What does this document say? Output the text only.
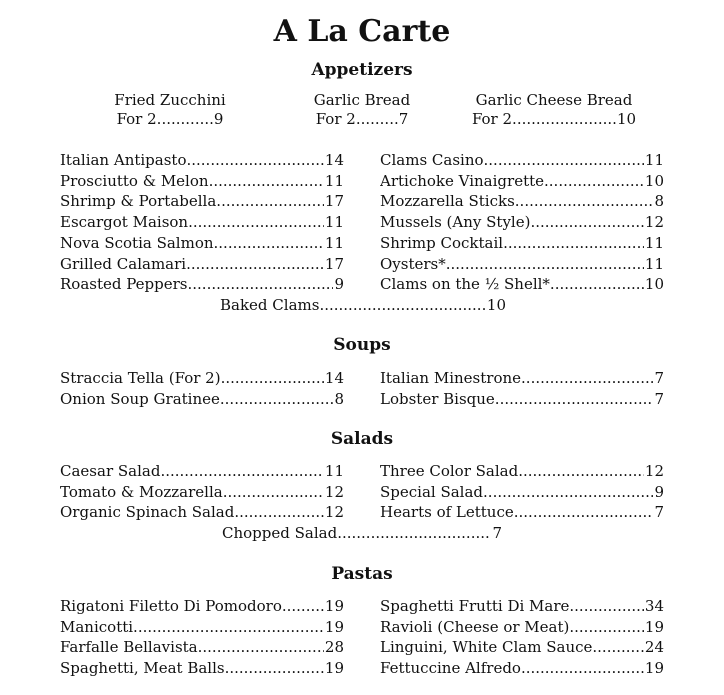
A La Carte
Appetizers
Fried Zucchini
For 2............9
Garlic Bread
For 2.........7
Garlic Cheese Bread
For 2......................10
Italian Antipasto	14
.....
Prosciutto & Melon	11
.....
Shrimp & Portabella	17
.....
Escargot Maison	11
.....
Nova Scotia Salmon	11
.....
Grilled Calamari	17
.....
Roasted Peppers	9
.....
Clams Casino	11
.....
Artichoke Vinaigrette	10
.....
Mozzarella Sticks	8
.....
Mussels (Any Style)	12
.....
Shrimp Cocktail	11
.....
Oysters*	11
.....
Clams on the ½ Shell*	10
.....
Baked Clams	10
.....
Soups
Straccia Tella (For 2)	14
.....
Onion Soup Gratinee	8
.....
Italian Minestrone	7
.....
Lobster Bisque	7
.....
Salads
Caesar Salad	11
.....
Tomato & Mozzarella	12
.....
Organic Spinach Salad	12
.....
Three Color Salad	12
.....
Special Salad	9
.....
Hearts of Lettuce	7
.....
Chopped Salad	7
.....
Pastas
Rigatoni Filetto Di Pomodoro	19
.....
Manicotti	19
.....
Farfalle Bellavista	28
.....
Spaghetti, Meat Balls	19
.....
Spaghetti Frutti Di Mare	34
.....
Ravioli (Cheese or Meat)	19
.....
Linguini, White Clam Sauce	24
.....
Fettuccine Alfredo	19
.....
